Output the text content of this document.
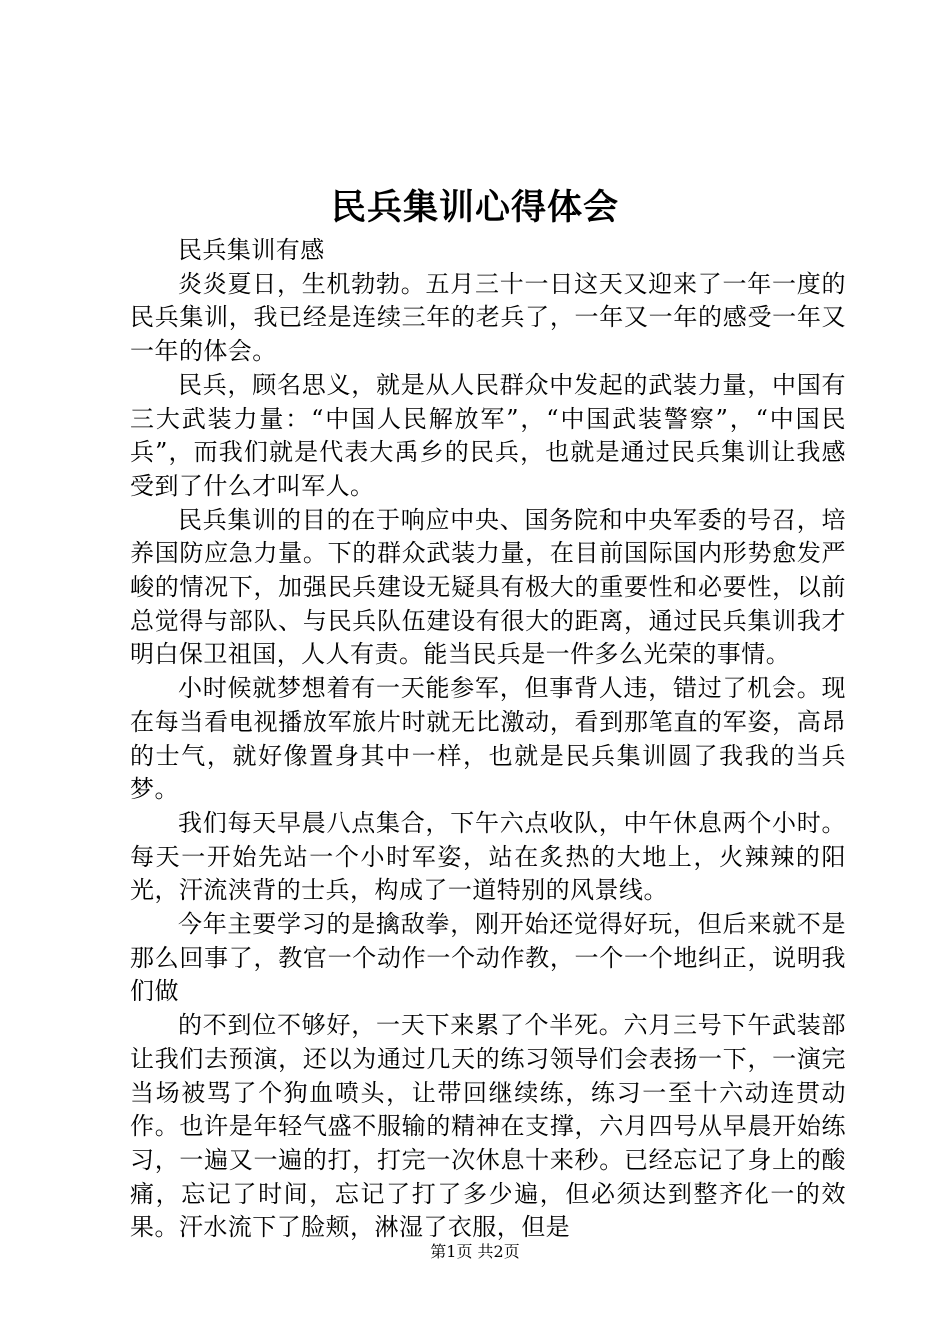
民兵集训心得体会

民兵集训有感

炎炎夏日，生机勃勃。五月三十一日这天又迎来了一年一度的民兵集训，我已经是连续三年的老兵了，一年又一年的感受一年又一年的体会。

民兵，顾名思义，就是从人民群众中发起的武装力量，中国有三大武装力量：“中国人民解放军”，“中国武装警察”，“中国民兵”，而我们就是代表大禹乡的民兵，也就是通过民兵集训让我感受到了什么才叫军人。

民兵集训的目的在于响应中央、国务院和中央军委的号召，培养国防应急力量。下的群众武装力量，在目前国际国内形势愈发严峻的情况下，加强民兵建设无疑具有极大的重要性和必要性，以前总觉得与部队、与民兵队伍建设有很大的距离，通过民兵集训我才明白保卫祖国，人人有责。能当民兵是一件多么光荣的事情。

小时候就梦想着有一天能参军，但事背人违，错过了机会。现在每当看电视播放军旅片时就无比激动，看到那笔直的军姿，高昂的士气，就好像置身其中一样，也就是民兵集训圆了我我的当兵梦。

我们每天早晨八点集合，下午六点收队，中午休息两个小时。每天一开始先站一个小时军姿，站在炙热的大地上，火辣辣的阳光，汗流浃背的士兵，构成了一道特别的风景线。

今年主要学习的是擒敌拳，刚开始还觉得好玩，但后来就不是那么回事了，教官一个动作一个动作教，一个一个地纠正，说明我们做

的不到位不够好，一天下来累了个半死。六月三号下午武装部让我们去预演，还以为通过几天的练习领导们会表扬一下，一演完当场被骂了个狗血喷头，让带回继续练，练习一至十六动连贯动作。也许是年轻气盛不服输的精神在支撑，六月四号从早晨开始练习，一遍又一遍的打，打完一次休息十来秒。已经忘记了身上的酸痛，忘记了时间，忘记了打了多少遍，但必须达到整齐化一的效果。汗水流下了脸颊，淋湿了衣服，但是

第1页 共2页
